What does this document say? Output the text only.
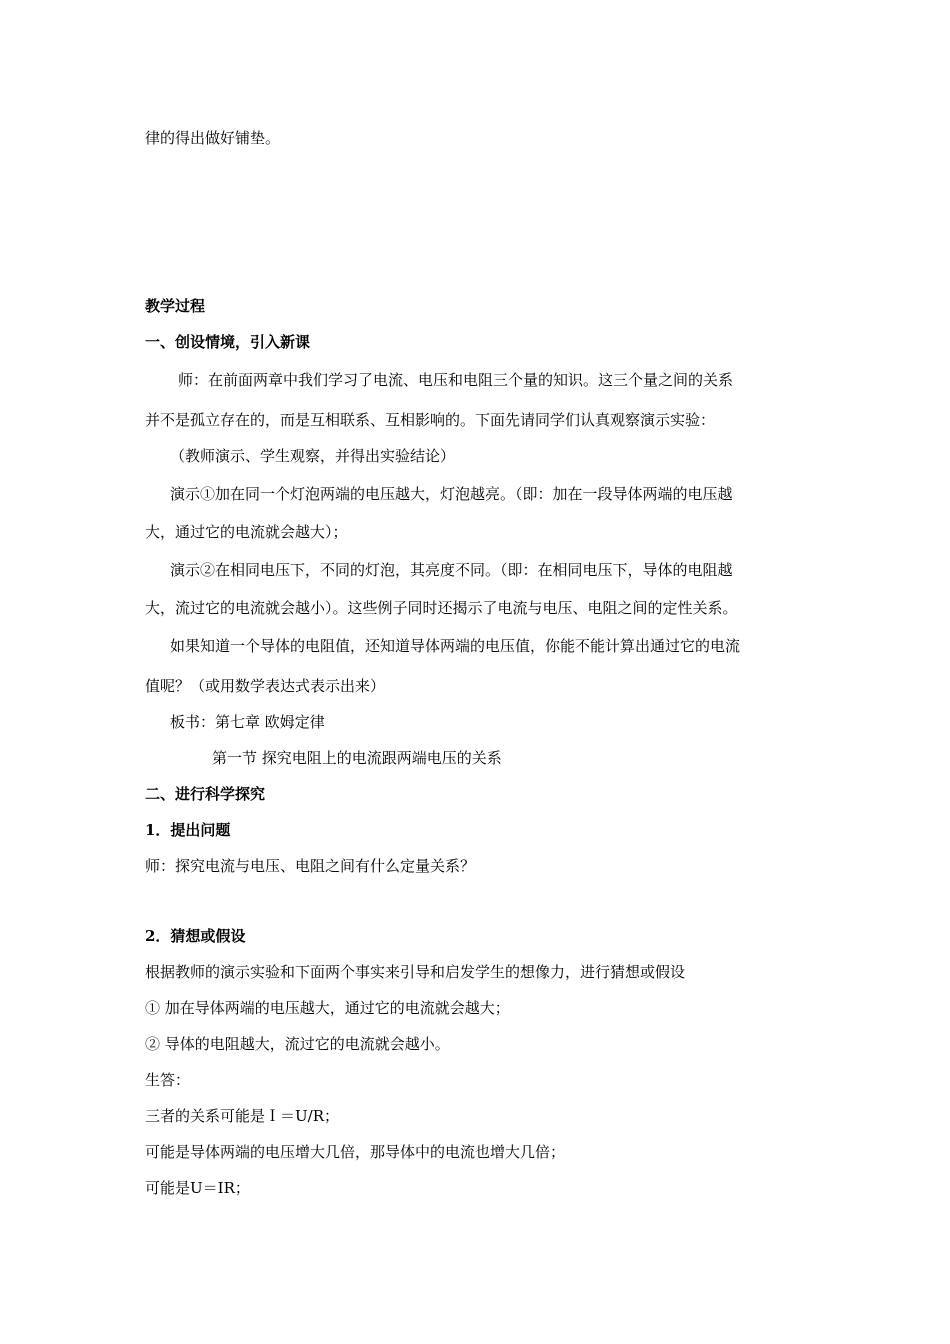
律的得出做好铺垫。
教学过程
一、创设情境，引入新课
师：在前面两章中我们学习了电流、电压和电阻三个量的知识。这三个量之间的关系
并不是孤立存在的，而是互相联系、互相影响的。下面先请同学们认真观察演示实验：
（教师演示、学生观察，并得出实验结论）
演示①加在同一个灯泡两端的电压越大，灯泡越亮。（即：加在一段导体两端的电压越
大，通过它的电流就会越大）；
演示②在相同电压下，不同的灯泡，其亮度不同。（即：在相同电压下，导体的电阻越
大，流过它的电流就会越小）。这些例子同时还揭示了电流与电压、电阻之间的定性关系。
如果知道一个导体的电阻值，还知道导体两端的电压值，你能不能计算出通过它的电流
值呢？（或用数学表达式表示出来）
板书：第七章 欧姆定律
第一节 探究电阻上的电流跟两端电压的关系
二、进行科学探究
1．提出问题
师：探究电流与电压、电阻之间有什么定量关系？
2．猜想或假设
根据教师的演示实验和下面两个事实来引导和启发学生的想像力，进行猜想或假设
① 加在导体两端的电压越大，通过它的电流就会越大；
② 导体的电阻越大，流过它的电流就会越小。
生答：
三者的关系可能是Ｉ＝U/R；
可能是导体两端的电压增大几倍，那导体中的电流也增大几倍；
可能是U＝IR；
